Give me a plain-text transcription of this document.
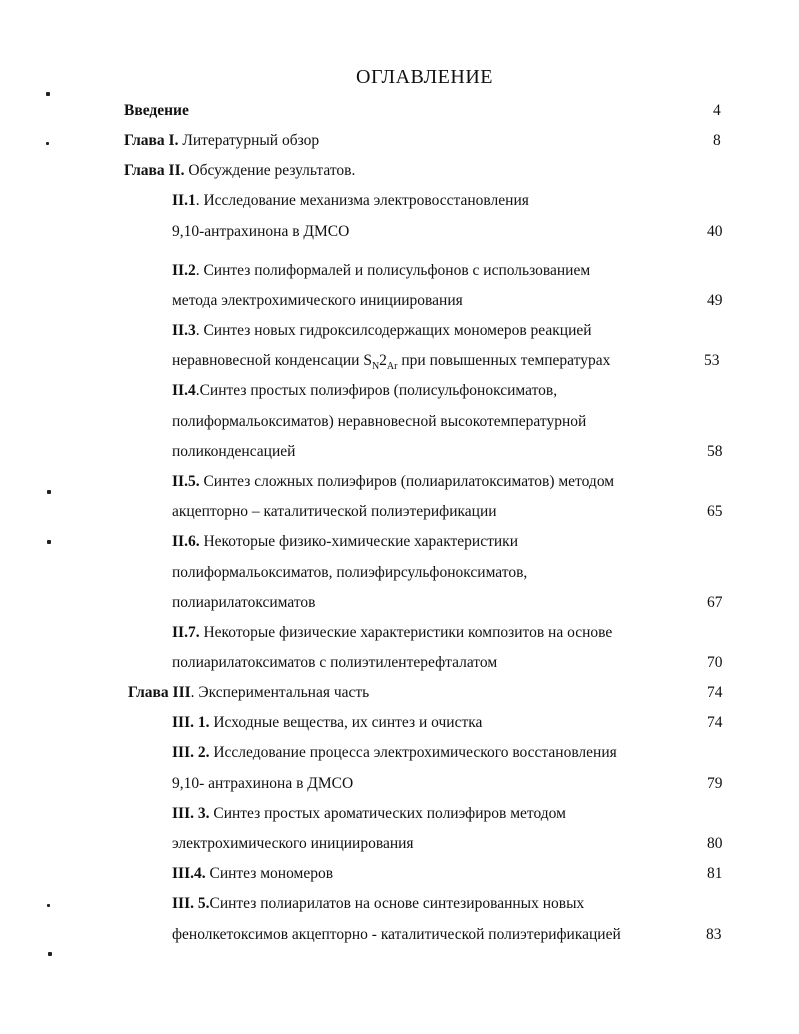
ОГЛАВЛЕНИЕ
Введение	4
Глава I. Литературный обзор	8
Глава II. Обсуждение результатов.
II.1. Исследование механизма электровосстановления
9,10-антрахинона в ДМСО	40
II.2. Синтез полиформалей и полисульфонов с использованием
метода электрохимического инициирования	49
II.3. Синтез новых гидроксилсодержащих мономеров реакцией
неравновесной конденсации $S_N2_{Ar}$ при повышенных температурах	53
II.4.Синтез простых полиэфиров (полисульфоноксиматов,
полиформальоксиматов) неравновесной высокотемпературной
поликонденсацией	58
II.5. Синтез сложных полиэфиров (полиарилатоксиматов) методом
акцепторно – каталитической полиэтерификации	65
II.6. Некоторые физико-химические характеристики
полиформальоксиматов, полиэфирсульфоноксиматов,
полиарилатоксиматов	67
II.7. Некоторые физические характеристики композитов на основе
полиарилатоксиматов с полиэтилентерефталатом	70
Глава III. Экспериментальная часть	74
III. 1. Исходные вещества, их синтез и очистка	74
III. 2. Исследование процесса электрохимического восстановления
9,10- антрахинона в ДМСО	79
III. 3. Синтез простых ароматических полиэфиров методом
электрохимического инициирования	80
III.4. Синтез мономеров	81
III. 5.Синтез полиарилатов на основе синтезированных новых
фенолкетоксимов акцепторно - каталитической полиэтерификацией	83
